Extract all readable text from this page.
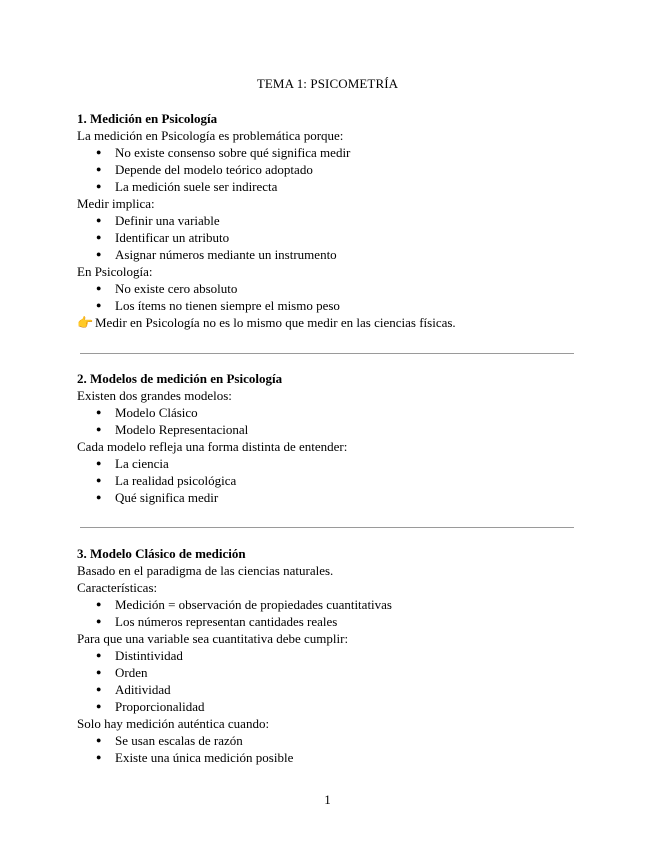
TEMA 1: PSICOMETRÍA
1. Medición en Psicología
La medición en Psicología es problemática porque:
● No existe consenso sobre qué significa medir
● Depende del modelo teórico adoptado
● La medición suele ser indirecta
Medir implica:
● Definir una variable
● Identificar un atributo
● Asignar números mediante un instrumento
En Psicología:
● No existe cero absoluto
● Los ítems no tienen siempre el mismo peso
👉 Medir en Psicología no es lo mismo que medir en las ciencias físicas.
2. Modelos de medición en Psicología
Existen dos grandes modelos:
● Modelo Clásico
● Modelo Representacional
Cada modelo refleja una forma distinta de entender:
● La ciencia
● La realidad psicológica
● Qué significa medir
3. Modelo Clásico de medición
Basado en el paradigma de las ciencias naturales.
Características:
● Medición = observación de propiedades cuantitativas
● Los números representan cantidades reales
Para que una variable sea cuantitativa debe cumplir:
● Distintividad
● Orden
● Aditividad
● Proporcionalidad
Solo hay medición auténtica cuando:
● Se usan escalas de razón
● Existe una única medición posible
1
